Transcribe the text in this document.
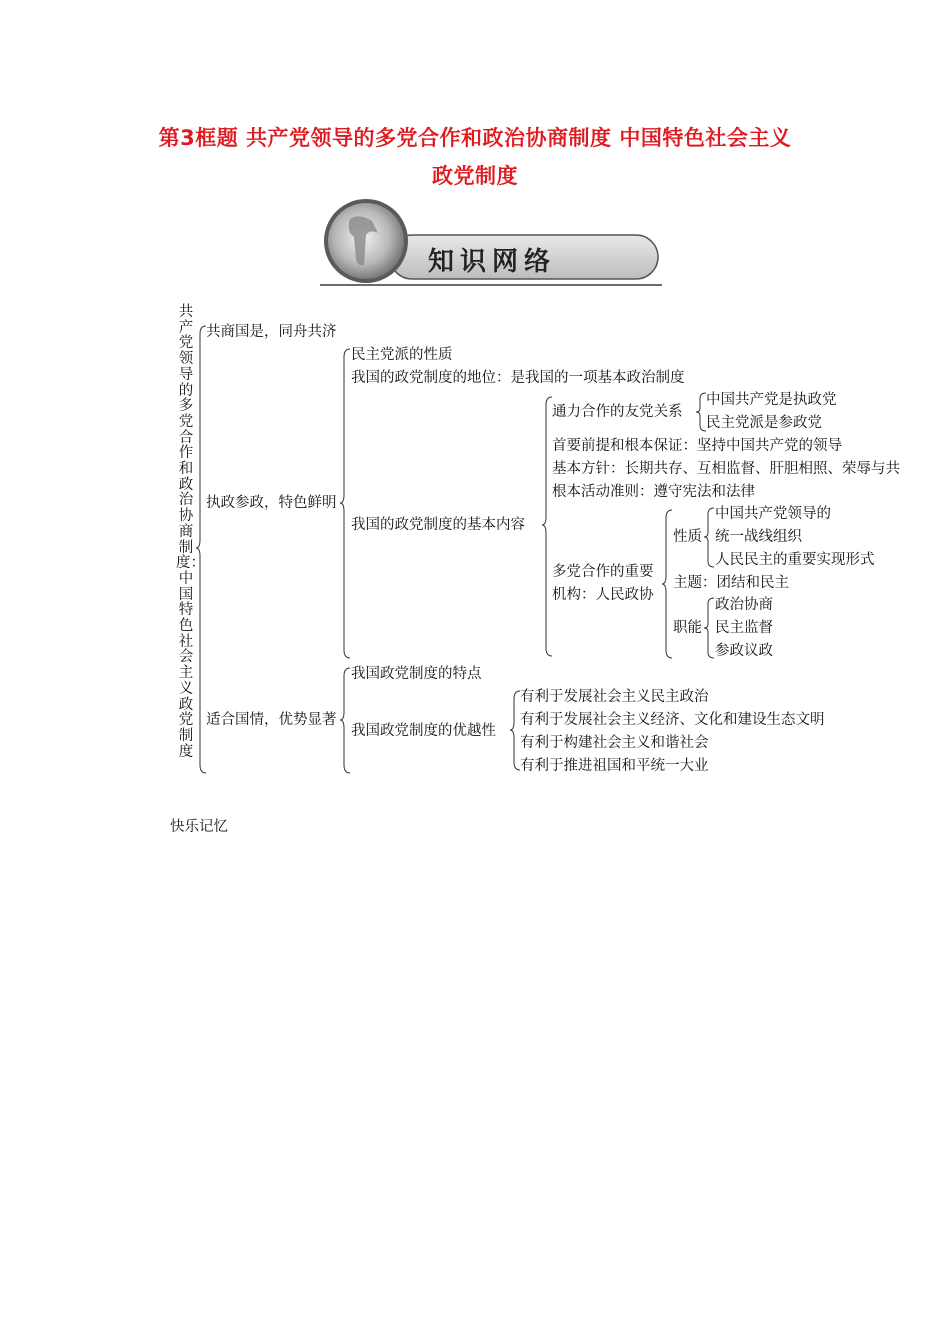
第3框题 共产党领导的多党合作和政治协商制度 中国特色社会主义
政党制度
知识网络
共产党领导的多党合作和政治协商制度：中国特色社会主义政党制度
共商国是，同舟共济
执政参政，特色鲜明
民主党派的性质
我国的政党制度的地位：是我国的一项基本政治制度
我国的政党制度的基本内容
通力合作的友党关系
中国共产党是执政党
民主党派是参政党
首要前提和根本保证：坚持中国共产党的领导
基本方针：长期共存、互相监督、肝胆相照、荣辱与共
根本活动准则：遵守宪法和法律
多党合作的重要
机构：人民政协
性质
中国共产党领导的
统一战线组织
人民民主的重要实现形式
主题：团结和民主
职能
政治协商
民主监督
参政议政
适合国情，优势显著
我国政党制度的特点
我国政党制度的优越性
有利于发展社会主义民主政治
有利于发展社会主义经济、文化和建设生态文明
有利于构建社会主义和谐社会
有利于推进祖国和平统一大业
快乐记忆
